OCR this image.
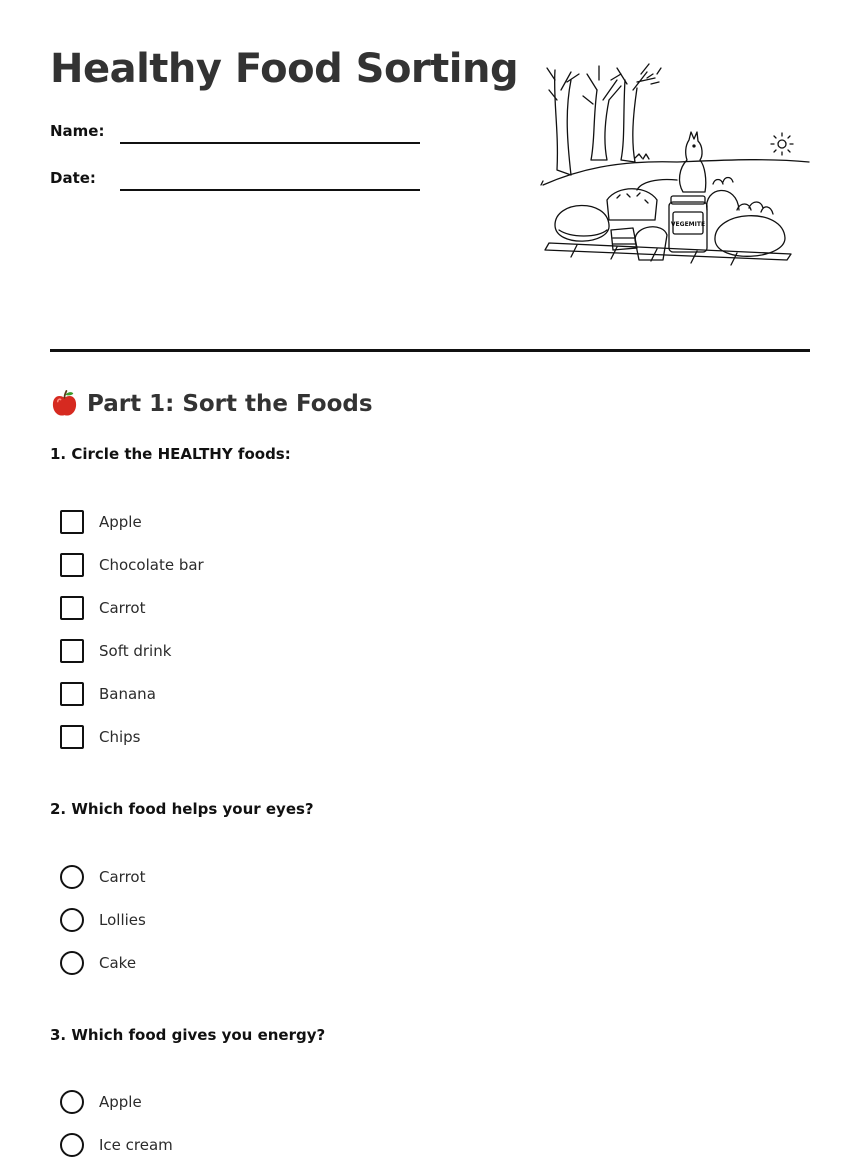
Healthy Food Sorting
Name:
Date:
VEGEMITE
Part 1: Sort the Foods

1. Circle the HEALTHY foods:

Apple
Chocolate bar
Carrot
Soft drink
Banana
Chips

2. Which food helps your eyes?

Carrot
Lollies
Cake

3. Which food gives you energy?

Apple
Ice cream
